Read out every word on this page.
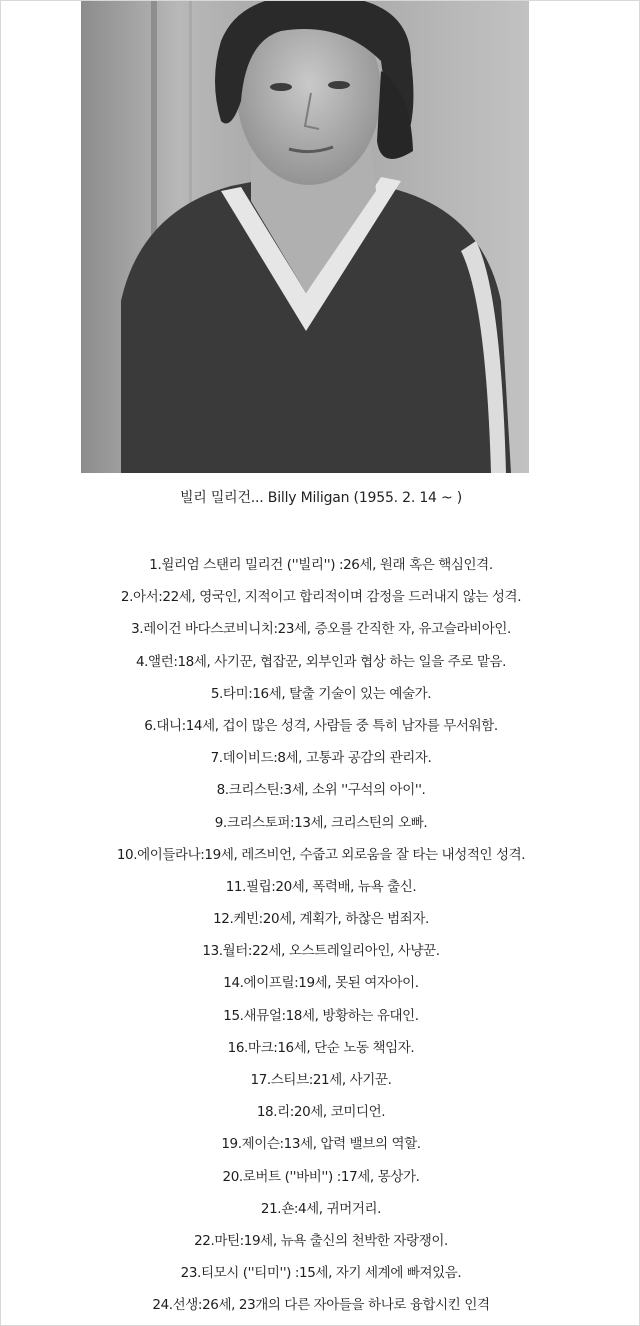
빌리 밀리건... Billy Miligan (1955. 2. 14 ~ )
1.윌리엄 스탠리 밀리건 (''빌리'') :26세, 원래 혹은 핵심인격.
2.아서:22세, 영국인, 지적이고 합리적이며 감정을 드러내지 않는 성격.
3.레이건 바다스코비니치:23세, 증오를 간직한 자, 유고슬라비아인.
4.앨런:18세, 사기꾼, 협잡꾼, 외부인과 협상 하는 일을 주로 맡음.
5.타미:16세, 탈출 기술이 있는 예술가.
6.대니:14세, 겁이 많은 성격, 사람들 중 특히 남자를 무서워함.
7.데이비드:8세, 고통과 공감의 관리자.
8.크리스틴:3세, 소위 ''구석의 아이''.
9.크리스토퍼:13세, 크리스틴의 오빠.
10.에이들라나:19세, 레즈비언, 수줍고 외로움을 잘 타는 내성적인 성격.
11.필립:20세, 폭력배, 뉴욕 출신.
12.케빈:20세, 계획가, 하찮은 범죄자.
13.월터:22세, 오스트레일리아인, 사냥꾼.
14.에이프릴:19세, 못된 여자아이.
15.새뮤얼:18세, 방황하는 유대인.
16.마크:16세, 단순 노동 책임자.
17.스티브:21세, 사기꾼.
18.리:20세, 코미디언.
19.제이슨:13세, 압력 밸브의 역할.
20.로버트 (''바비'') :17세, 몽상가.
21.숀:4세, 귀머거리.
22.마틴:19세, 뉴욕 출신의 천박한 자랑쟁이.
23.티모시 (''티미'') :15세, 자기 세계에 빠져있음.
24.선생:26세, 23개의 다른 자아들을 하나로 융합시킨 인격
